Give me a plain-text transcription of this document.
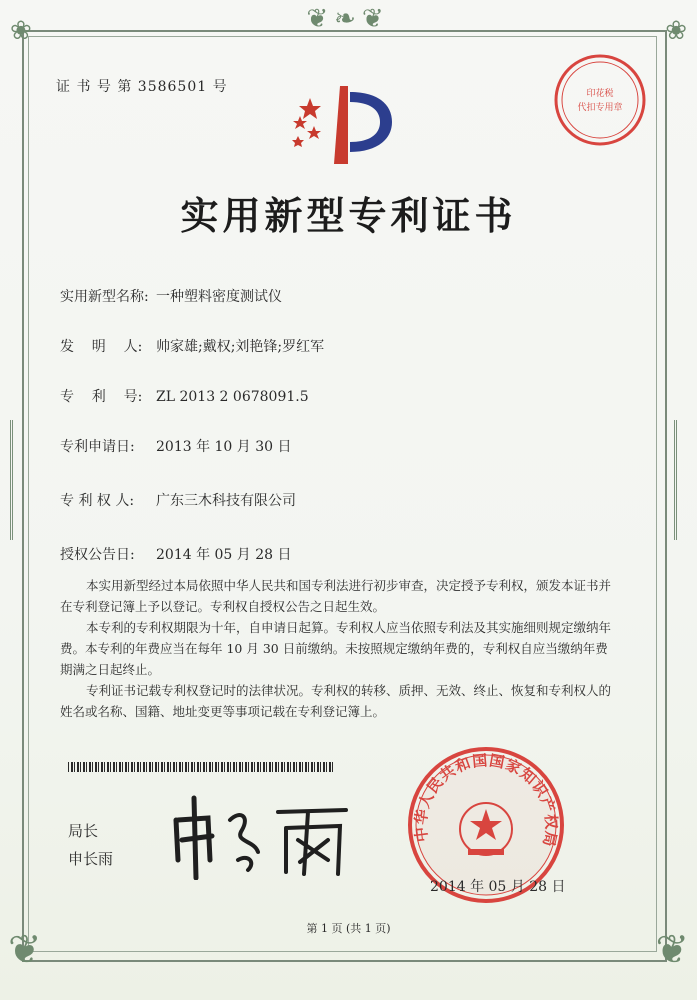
❦❧❦
❀	❀
❦	❦
证 书 号 第 3586501 号
实用新型专利证书
实用新型名称: 一种塑料密度测试仪
发    明    人: 帅家雄;戴权;刘艳锋;罗红军
专    利    号: ZL 2013 2 0678091.5
专利申请日: 2013 年 10 月 30 日
专 利 权 人: 广东三木科技有限公司
授权公告日: 2014 年 05 月 28 日

本实用新型经过本局依照中华人民共和国专利法进行初步审查，决定授予专利权，颁发本证书并在专利登记簿上予以登记。专利权自授权公告之日起生效。

本专利的专利权期限为十年，自申请日起算。专利权人应当依照专利法及其实施细则规定缴纳年费。本专利的年费应当在每年 10 月 30 日前缴纳。未按照规定缴纳年费的，专利权自应当缴纳年费期满之日起终止。

专利证书记载专利权登记时的法律状况。专利权的转移、质押、无效、终止、恢复和专利权人的姓名或名称、国籍、地址变更等事项记载在专利登记簿上。

局长
申长雨
中华人民共和国国家知识产权局
2014 年 05 月 28 日
印花税
代扣专用章
第 1 页 (共 1 页)
